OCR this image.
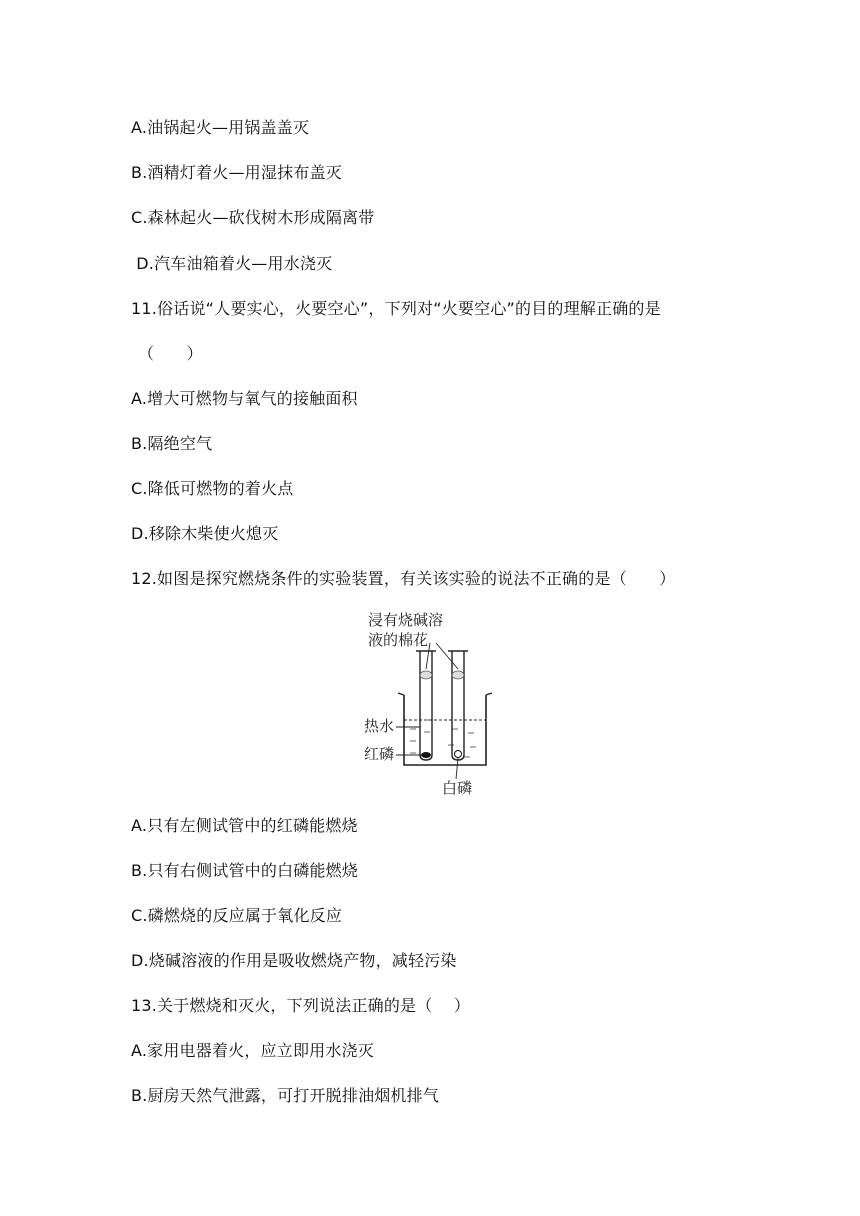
A.油锅起火—用锅盖盖灭
B.酒精灯着火—用湿抹布盖灭
C.森林起火—砍伐树木形成隔离带
D.汽车油箱着火—用水浇灭
11.俗话说“人要实心，火要空心”，下列对“火要空心”的目的理解正确的是
（　　）
A.增大可燃物与氧气的接触面积
B.隔绝空气
C.降低可燃物的着火点
D.移除木柴使火熄灭
12.如图是探究燃烧条件的实验装置，有关该实验的说法不正确的是（　　）
浸有烧碱溶
液的棉花
热水
红磷
白磷
A.只有左侧试管中的红磷能燃烧
B.只有右侧试管中的白磷能燃烧
C.磷燃烧的反应属于氧化反应
D.烧碱溶液的作用是吸收燃烧产物，减轻污染
13.关于燃烧和灭火，下列说法正确的是（　 ）
A.家用电器着火，应立即用水浇灭
B.厨房天然气泄露，可打开脱排油烟机排气
